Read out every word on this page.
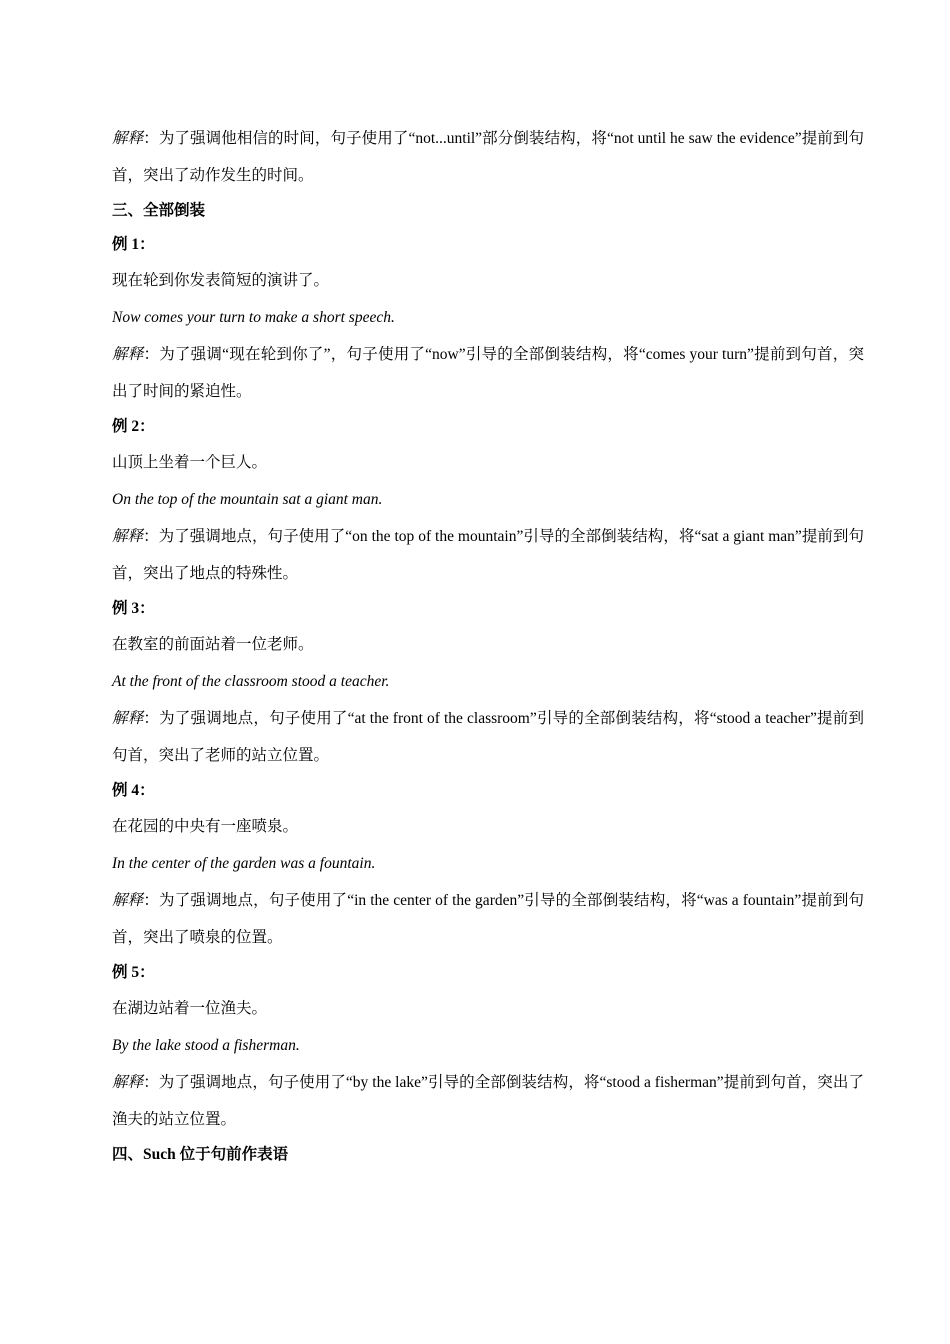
解释：为了强调他相信的时间，句子使用了“not...until”部分倒装结构，将“not until he saw the evidence”提前到句首，突出了动作发生的时间。

三、全部倒装

例 1：

现在轮到你发表简短的演讲了。

Now comes your turn to make a short speech.

解释：为了强调“现在轮到你了”，句子使用了“now”引导的全部倒装结构，将“comes your turn”提前到句首，突出了时间的紧迫性。

例 2：

山顶上坐着一个巨人。

On the top of the mountain sat a giant man.

解释：为了强调地点，句子使用了“on the top of the mountain”引导的全部倒装结构，将“sat a giant man”提前到句首，突出了地点的特殊性。

例 3：

在教室的前面站着一位老师。

At the front of the classroom stood a teacher.

解释：为了强调地点，句子使用了“at the front of the classroom”引导的全部倒装结构，将“stood a teacher”提前到句首，突出了老师的站立位置。

例 4：

在花园的中央有一座喷泉。

In the center of the garden was a fountain.

解释：为了强调地点，句子使用了“in the center of the garden”引导的全部倒装结构，将“was a fountain”提前到句首，突出了喷泉的位置。

例 5：

在湖边站着一位渔夫。

By the lake stood a fisherman.

解释：为了强调地点，句子使用了“by the lake”引导的全部倒装结构，将“stood a fisherman”提前到句首，突出了渔夫的站立位置。

四、Such 位于句前作表语
